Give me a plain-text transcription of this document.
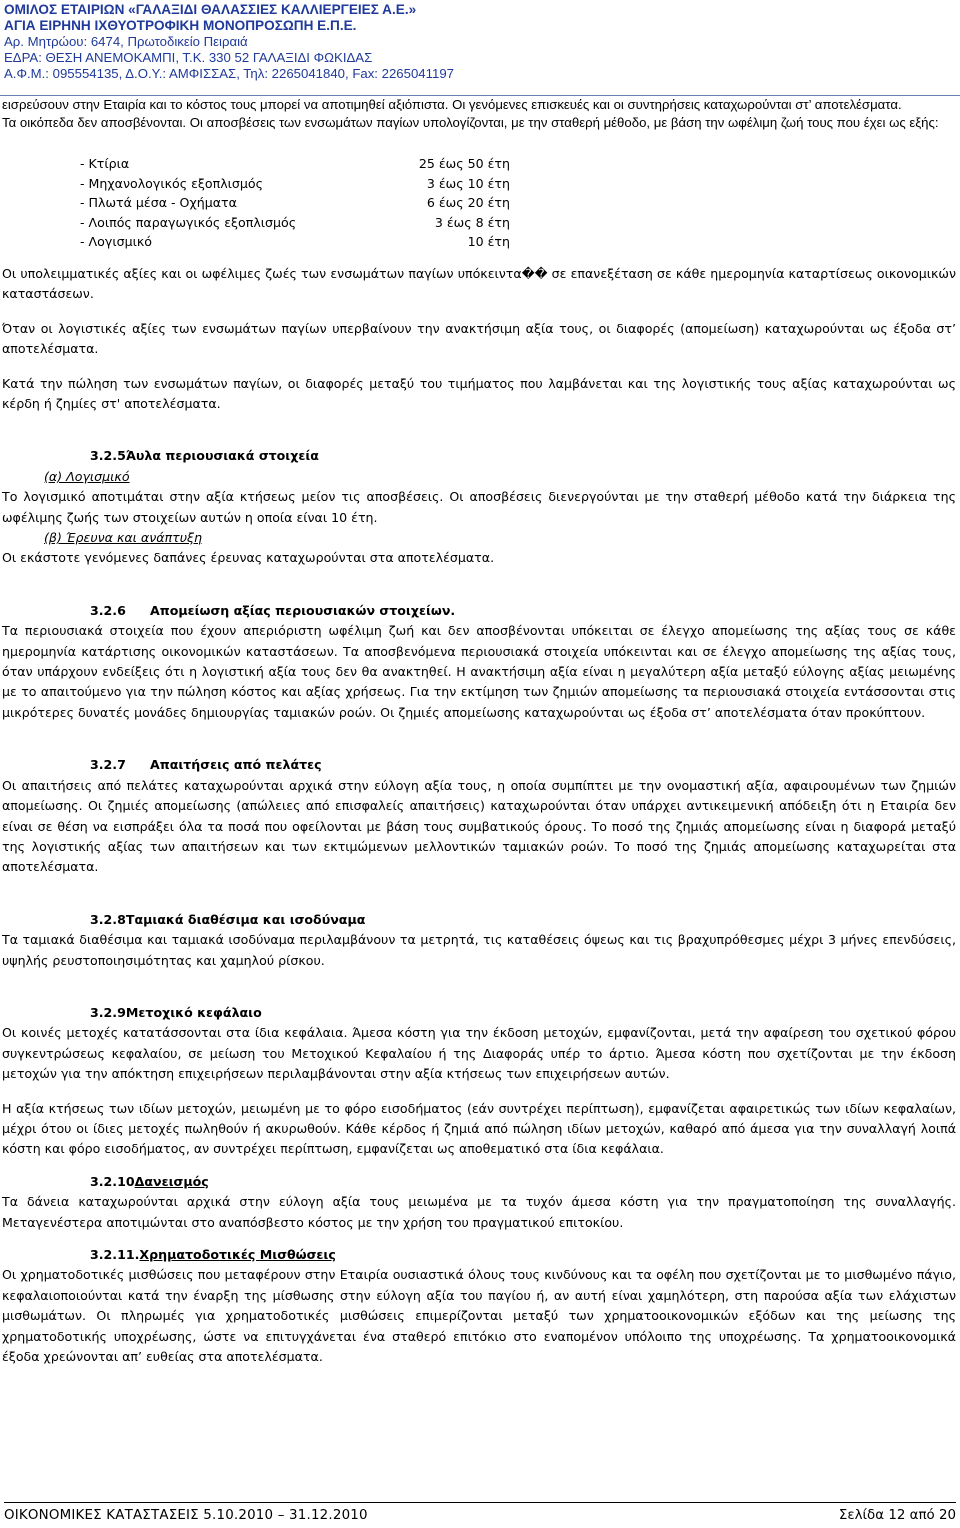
ΟΜΙΛΟΣ ΕΤΑΙΡΙΩΝ «ΓΑΛΑΞΙΔΙ ΘΑΛΑΣΣΙΕΣ ΚΑΛΛΙΕΡΓΕΙΕΣ Α.Ε.»
ΑΓΙΑ ΕΙΡΗΝΗ ΙΧΘΥΟΤΡΟΦΙΚΗ ΜΟΝΟΠΡΟΣΩΠΗ Ε.Π.Ε.
Αρ. Μητρώου: 6474, Πρωτοδικείο Πειραιά
ΕΔΡΑ: ΘΕΣΗ ΑΝΕΜΟΚΑΜΠΙ, Τ.Κ. 330 52 ΓΑΛΑΞΙΔΙ ΦΩΚΙΔΑΣ
Α.Φ.Μ.: 095554135, Δ.Ο.Υ.: ΑΜΦΙΣΣΑΣ, Τηλ: 2265041840, Fax: 2265041197

εισρεύσουν στην Εταιρία και το κόστος τους μπορεί να αποτιμηθεί αξιόπιστα. Οι γενόμενες επισκευές και οι συντηρήσεις καταχωρούνται στ’ αποτελέσματα.

Τα οικόπεδα δεν αποσβένονται. Οι αποσβέσεις των ενσωμάτων παγίων υπολογίζονται, με την σταθερή μέθοδο, με βάση την ωφέλιμη ζωή τους που έχει ως εξής:

- Κτίρια	25 έως 50 έτη
- Μηχανολογικός εξοπλισμός	3 έως 10 έτη
- Πλωτά μέσα - Οχήματα	6 έως 20 έτη
- Λοιπός παραγωγικός εξοπλισμός	3 έως 8 έτη
- Λογισμικό	10 έτη

Οι υπολειμματικές αξίες και οι ωφέλιμες ζωές των ενσωμάτων παγίων υπόκειντα�� σε επανεξέταση σε κάθε ημερομηνία καταρτίσεως οικονομικών καταστάσεων.

Όταν οι λογιστικές αξίες των ενσωμάτων παγίων υπερβαίνουν την ανακτήσιμη αξία τους, οι διαφορές (απομείωση) καταχωρούνται ως έξοδα στ’ αποτελέσματα.

Κατά την πώληση των ενσωμάτων παγίων, οι διαφορές μεταξύ του τιμήματος που λαμβάνεται και της λογιστικής τους αξίας καταχωρούνται ως κέρδη ή ζημίες στ' αποτελέσματα.

3.2.5 Άυλα περιουσιακά στοιχεία
(α) Λογισμικό

Το λογισμικό αποτιμάται στην αξία κτήσεως μείον τις αποσβέσεις. Οι αποσβέσεις διενεργούνται με την σταθερή μέθοδο κατά την διάρκεια της ωφέλιμης ζωής των στοιχείων αυτών η οποία είναι 10 έτη.

(β) Έρευνα και ανάπτυξη

Οι εκάστοτε γενόμενες δαπάνες έρευνας καταχωρούνται στα αποτελέσματα.

3.2.6	Απομείωση αξίας περιουσιακών στοιχείων.

Τα περιουσιακά στοιχεία που έχουν απεριόριστη ωφέλιμη ζωή και δεν αποσβένονται υπόκειται σε έλεγχο απομείωσης της αξίας τους σε κάθε ημερομηνία κατάρτισης οικονομικών καταστάσεων. Τα αποσβενόμενα περιουσιακά στοιχεία υπόκεινται και σε έλεγχο απομείωσης της αξίας τους, όταν υπάρχουν ενδείξεις ότι η λογιστική αξία τους δεν θα ανακτηθεί. Η ανακτήσιμη αξία είναι η μεγαλύτερη αξία μεταξύ εύλογης αξίας μειωμένης με το απαιτούμενο για την πώληση κόστος και αξίας χρήσεως. Για την εκτίμηση των ζημιών απομείωσης τα περιουσιακά στοιχεία εντάσσονται στις μικρότερες δυνατές μονάδες δημιουργίας ταμιακών ροών. Οι ζημιές απομείωσης καταχωρούνται ως έξοδα στ’ αποτελέσματα όταν προκύπτουν.

3.2.7	Απαιτήσεις από πελάτες

Οι απαιτήσεις από πελάτες καταχωρούνται αρχικά στην εύλογη αξία τους, η οποία συμπίπτει με την ονομαστική αξία, αφαιρουμένων των ζημιών απομείωσης. Οι ζημιές απομείωσης (απώλειες από επισφαλείς απαιτήσεις) καταχωρούνται όταν υπάρχει αντικειμενική απόδειξη ότι η Εταιρία δεν είναι σε θέση να εισπράξει όλα τα ποσά που οφείλονται με βάση τους συμβατικούς όρους. Το ποσό της ζημιάς απομείωσης είναι η διαφορά μεταξύ της λογιστικής αξίας των απαιτήσεων και των εκτιμώμενων μελλοντικών ταμιακών ροών. Το ποσό της ζημιάς απομείωσης καταχωρείται στα αποτελέσματα.

3.2.8 Ταμιακά διαθέσιμα και ισοδύναμα

Τα ταμιακά διαθέσιμα και ταμιακά ισοδύναμα περιλαμβάνουν τα μετρητά, τις καταθέσεις όψεως και τις βραχυπρόθεσμες μέχρι 3 μήνες επενδύσεις, υψηλής ρευστοποιησιμότητας και χαμηλού ρίσκου.

3.2.9 Μετοχικό κεφάλαιο

Οι κοινές μετοχές κατατάσσονται στα ίδια κεφάλαια. Άμεσα κόστη για την έκδοση μετοχών, εμφανίζονται, μετά την αφαίρεση του σχετικού φόρου συγκεντρώσεως κεφαλαίου, σε μείωση του Μετοχικού Κεφαλαίου ή της Διαφοράς υπέρ το άρτιο. Άμεσα κόστη που σχετίζονται με την έκδοση μετοχών για την απόκτηση επιχειρήσεων περιλαμβάνονται στην αξία κτήσεως των επιχειρήσεων αυτών.

Η αξία κτήσεως των ιδίων μετοχών, μειωμένη με το φόρο εισοδήματος (εάν συντρέχει περίπτωση), εμφανίζεται αφαιρετικώς των ιδίων κεφαλαίων, μέχρι ότου οι ίδιες μετοχές πωληθούν ή ακυρωθούν. Κάθε κέρδος ή ζημιά από πώληση ιδίων μετοχών, καθαρό από άμεσα για την συναλλαγή λοιπά κόστη και φόρο εισοδήματος, αν συντρέχει περίπτωση, εμφανίζεται ως αποθεματικό στα ίδια κεφάλαια.

3.2.10 Δανεισμός

Τα δάνεια καταχωρούνται αρχικά στην εύλογη αξία τους μειωμένα με τα τυχόν άμεσα κόστη για την πραγματοποίηση της συναλλαγής. Μεταγενέστερα αποτιμώνται στο αναπόσβεστο κόστος με την χρήση του πραγματικού επιτοκίου.

3.2.11. Χρηματοδοτικές Μισθώσεις

Οι χρηματοδοτικές μισθώσεις που μεταφέρουν στην Εταιρία ουσιαστικά όλους τους κινδύνους και τα οφέλη που σχετίζονται με το μισθωμένο πάγιο, κεφαλαιοποιούνται κατά την έναρξη της μίσθωσης στην εύλογη αξία του παγίου ή, αν αυτή είναι χαμηλότερη, στη παρούσα αξία των ελάχιστων μισθωμάτων. Οι πληρωμές για χρηματοδοτικές μισθώσεις επιμερίζονται μεταξύ των χρηματοοικονομικών εξόδων και της μείωσης της χρηματοδοτικής υποχρέωσης, ώστε να επιτυγχάνεται ένα σταθερό επιτόκιο στο εναπομένον υπόλοιπο της υποχρέωσης. Τα χρηματοοικονομικά έξοδα χρεώνονται απ’ ευθείας στα αποτελέσματα.

ΟΙΚΟΝΟΜΙΚΕΣ ΚΑΤΑΣΤΑΣΕΙΣ 5.10.2010 – 31.12.2010	Σελίδα 12 από 20
